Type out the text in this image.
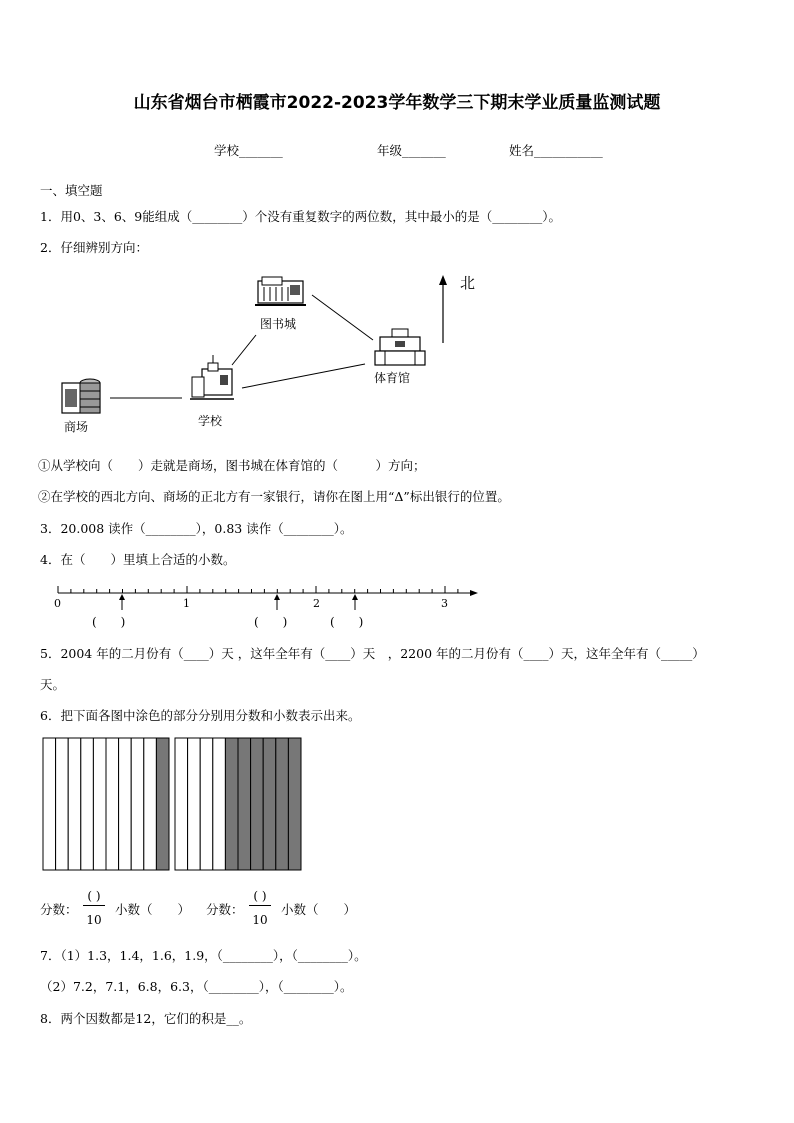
山东省烟台市栖霞市2022-2023学年数学三下期末学业质量监测试题
学校_______	年级_______	姓名___________
一、填空题
1．用0、3、6、9能组成（________）个没有重复数字的两位数，其中最小的是（________）。
2．仔细辨别方向：
北
图书城
体育馆
商场	学校
①从学校向（　　）走就是商场，图书城在体育馆的（　　　）方向；
②在学校的西北方向、商场的正北方有一家银行，请你在图上用“Δ”标出银行的位置。
3．20.008 读作（________），0.83 读作（________）。
4．在（　　）里填上合适的小数。
0	1	2	3
(　　)	(　　)	(　　)
5．2004 年的二月份有（____）天 ，这年全年有（____）天　，2200 年的二月份有（____）天，这年全年有（_____）
天。
6．把下面各图中涂色的部分分别用分数和小数表示出来。
分数：
( )
10
小数（　　） 分数：
( )
10
小数（　　）
7．（1）1.3，1.4，1.6，1.9，（________），（________）。
（2）7.2，7.1，6.8，6.3，（________），（________）。
8．两个因数都是12，它们的积是__。
